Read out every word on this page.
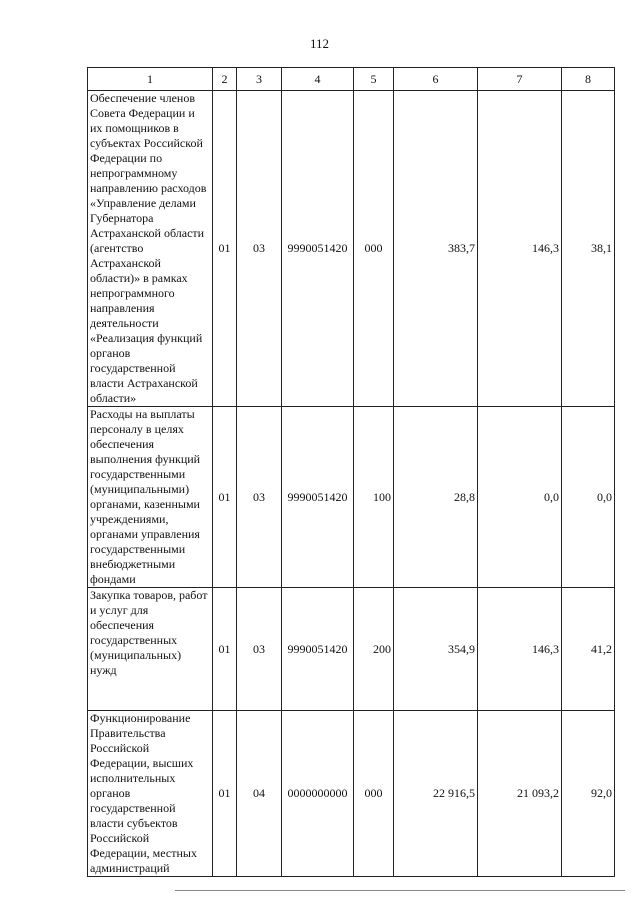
112
1	2	3	4	5	6	7	8
Обеспечение членов Совета Федерации и их помощников в субъектах Российской Федерации по непрограммному направлению расходов «Управление делами Губернатора Астраханской области (агентство Астраханской области)» в рамках непрограммного направления деятельности «Реализация функций органов государственной власти Астраханской области»	01	03	9990051420	000	383,7	146,3	38,1
Расходы на выплаты персоналу в целях обеспечения выполнения функций государственными (муниципальными) органами, казенными учреждениями, органами управления государственными внебюджетными фондами	01	03	9990051420	100	28,8	0,0	0,0
Закупка товаров, работ и услуг для обеспечения государственных (муниципальных) нужд	01	03	9990051420	200	354,9	146,3	41,2
Функционирование Правительства Российской Федерации, высших исполнительных органов государственной власти субъектов Российской Федерации, местных администраций	01	04	0000000000	000	22 916,5	21 093,2	92,0
